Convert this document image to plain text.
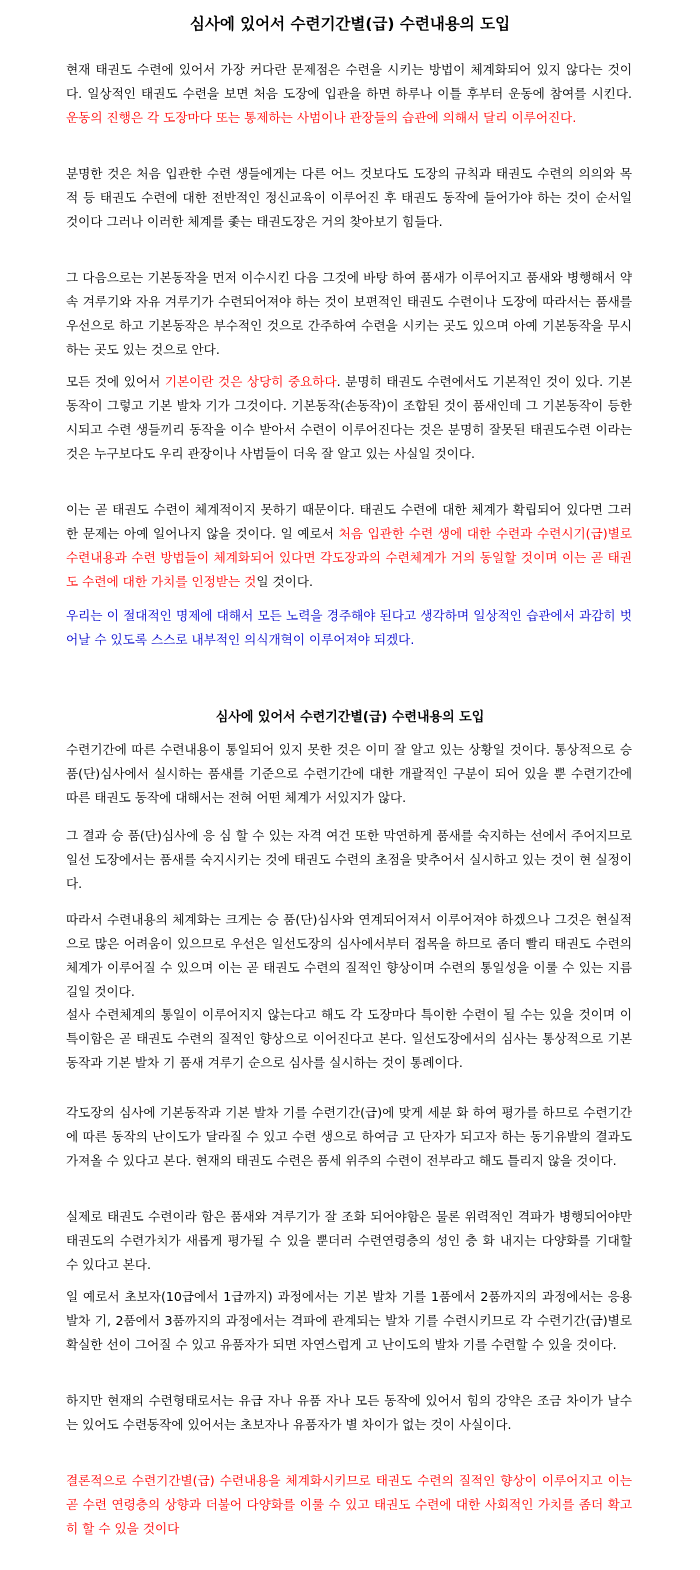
심사에 있어서 수련기간별(급) 수련내용의 도입

현재 태권도 수련에 있어서 가장 커다란 문제점은 수련을 시키는 방법이 체계화되어 있지 않다는 것이다. 일상적인 태권도 수련을 보면 처음 도장에 입관을 하면 하루나 이틀 후부터 운동에 참여를 시킨다. 운동의 진행은 각 도장마다 또는 통제하는 사범이나 관장들의 습관에 의해서 달리 이루어진다.

분명한 것은 처음 입관한 수련 생들에게는 다른 어느 것보다도 도장의 규칙과 태권도 수련의 의의와 목적 등 태권도 수련에 대한 전반적인 정신교육이 이루어진 후 태권도 동작에 들어가야 하는 것이 순서일 것이다 그러나 이러한 체계를 좇는 태권도장은 거의 찾아보기 힘들다.

그 다음으로는 기본동작을 먼저 이수시킨 다음 그것에 바탕 하여 품새가 이루어지고 품새와 병행해서 약속 겨루기와 자유 겨루기가 수련되어져야 하는 것이 보편적인 태권도 수련이나 도장에 따라서는 품새를 우선으로 하고 기본동작은 부수적인 것으로 간주하여 수련을 시키는 곳도 있으며 아예 기본동작을 무시하는 곳도 있는 것으로 안다.

모든 것에 있어서 기본이란 것은 상당히 중요하다. 분명히 태권도 수련에서도 기본적인 것이 있다. 기본동작이 그렇고 기본 발차 기가 그것이다. 기본동작(손동작)이 조합된 것이 품새인데 그 기본동작이 등한시되고 수련 생들끼리 동작을 이수 받아서 수련이 이루어진다는 것은 분명히 잘못된 태권도수련 이라는 것은 누구보다도 우리 관장이나 사범들이 더욱 잘 알고 있는 사실일 것이다.

이는 곧 태권도 수련이 체계적이지 못하기 때문이다. 태권도 수련에 대한 체계가 확립되어 있다면 그러한 문제는 아예 일어나지 않을 것이다. 일 예로서 처음 입관한 수련 생에 대한 수련과 수련시기(급)별로 수련내용과 수련 방법들이 체계화되어 있다면 각도장과의 수련체계가 거의 동일할 것이며 이는 곧 태권도 수련에 대한 가치를 인정받는 것일 것이다.

우리는 이 절대적인 명제에 대해서 모든 노력을 경주해야 된다고 생각하며 일상적인 습관에서 과감히 벗어날 수 있도록 스스로 내부적인 의식개혁이 이루어져야 되겠다.

심사에 있어서 수련기간별(급) 수련내용의 도입

수련기간에 따른 수련내용이 통일되어 있지 못한 것은 이미 잘 알고 있는 상황일 것이다. 통상적으로 승 품(단)심사에서 실시하는 품새를 기준으로 수련기간에 대한 개괄적인 구분이 되어 있을 뿐 수련기간에 따른 태권도 동작에 대해서는 전혀 어떤 체계가 서있지가 않다.

그 결과 승 품(단)심사에 응 심 할 수 있는 자격 여건 또한 막연하게 품새를 숙지하는 선에서 주어지므로 일선 도장에서는 품새를 숙지시키는 것에 태권도 수련의 초점을 맞추어서 실시하고 있는 것이 현 실정이다.

따라서 수련내용의 체계화는 크게는 승 품(단)심사와 연계되어져서 이루어져야 하겠으나 그것은 현실적으로 많은 어려움이 있으므로 우선은 일선도장의 심사에서부터 접목을 하므로 좀더 빨리 태권도 수련의 체계가 이루어질 수 있으며 이는 곧 태권도 수련의 질적인 향상이며 수련의 통일성을 이룰 수 있는 지름길일 것이다.

설사 수련체계의 통일이 이루어지지 않는다고 해도 각 도장마다 특이한 수련이 될 수는 있을 것이며 이 특이함은 곧 태권도 수련의 질적인 향상으로 이어진다고 본다. 일선도장에서의 심사는 통상적으로 기본동작과 기본 발차 기 품새 겨루기 순으로 심사를 실시하는 것이 통례이다.

각도장의 심사에 기본동작과 기본 발차 기를 수련기간(급)에 맞게 세분 화 하여 평가를 하므로 수련기간에 따른 동작의 난이도가 달라질 수 있고 수련 생으로 하여금 고 단자가 되고자 하는 동기유발의 결과도 가져올 수 있다고 본다. 현재의 태권도 수련은 품세 위주의 수련이 전부라고 해도 틀리지 않을 것이다.

실제로 태권도 수련이라 함은 품새와 겨루기가 잘 조화 되어야함은 물론 위력적인 격파가 병행되어야만 태권도의 수련가치가 새롭게 평가될 수 있을 뿐더러 수련연령층의 성인 층 화 내지는 다양화를 기대할 수 있다고 본다.

일 예로서 초보자(10급에서 1급까지) 과정에서는 기본 발차 기를 1품에서 2품까지의 과정에서는 응용 발차 기, 2품에서 3품까지의 과정에서는 격파에 관계되는 발차 기를 수련시키므로 각 수련기간(급)별로 확실한 선이 그어질 수 있고 유품자가 되면 자연스럽게 고 난이도의 발차 기를 수련할 수 있을 것이다.

하지만 현재의 수련형태로서는 유급 자나 유품 자나 모든 동작에 있어서 힘의 강약은 조금 차이가 날수는 있어도 수련동작에 있어서는 초보자나 유품자가 별 차이가 없는 것이 사실이다.

결론적으로 수련기간별(급) 수련내용을 체계화시키므로 태권도 수련의 질적인 향상이 이루어지고 이는 곧 수련 연령층의 상향과 더불어 다양화를 이룰 수 있고 태권도 수련에 대한 사회적인 가치를 좀더 확고히 할 수 있을 것이다
